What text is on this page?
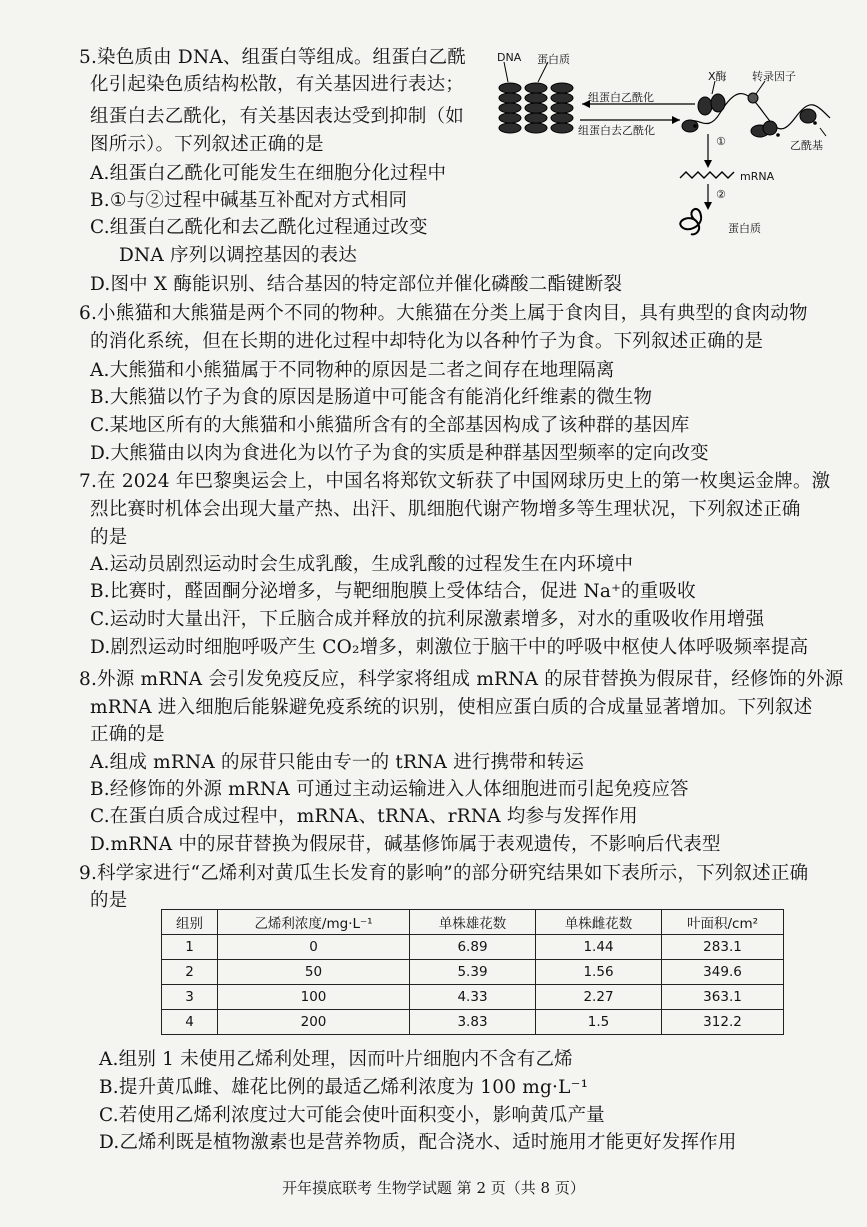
5.染色质由 DNA、组蛋白等组成。组蛋白乙酰
化引起染色质结构松散，有关基因进行表达；
组蛋白去乙酰化，有关基因表达受到抑制（如
图所示）。下列叙述正确的是
A.组蛋白乙酰化可能发生在细胞分化过程中
B.①与②过程中碱基互补配对方式相同
C.组蛋白乙酰化和去乙酰化过程通过改变
DNA 序列以调控基因的表达
D.图中 X 酶能识别、结合基因的特定部位并催化磷酸二酯键断裂
DNA 蛋白质
X酶 转录因子
组蛋白乙酰化
组蛋白去乙酰化
乙酰基
①
mRNA
②
蛋白质
6.小熊猫和大熊猫是两个不同的物种。大熊猫在分类上属于食肉目，具有典型的食肉动物
的消化系统，但在长期的进化过程中却特化为以各种竹子为食。下列叙述正确的是
A.大熊猫和小熊猫属于不同物种的原因是二者之间存在地理隔离
B.大熊猫以竹子为食的原因是肠道中可能含有能消化纤维素的微生物
C.某地区所有的大熊猫和小熊猫所含有的全部基因构成了该种群的基因库
D.大熊猫由以肉为食进化为以竹子为食的实质是种群基因型频率的定向改变
7.在 2024 年巴黎奥运会上，中国名将郑钦文斩获了中国网球历史上的第一枚奥运金牌。激
烈比赛时机体会出现大量产热、出汗、肌细胞代谢产物增多等生理状况，下列叙述正确
的是
A.运动员剧烈运动时会生成乳酸，生成乳酸的过程发生在内环境中
B.比赛时，醛固酮分泌增多，与靶细胞膜上受体结合，促进 Na⁺的重吸收
C.运动时大量出汗，下丘脑合成并释放的抗利尿激素增多，对水的重吸收作用增强
D.剧烈运动时细胞呼吸产生 CO₂增多，刺激位于脑干中的呼吸中枢使人体呼吸频率提高
8.外源 mRNA 会引发免疫反应，科学家将组成 mRNA 的尿苷替换为假尿苷，经修饰的外源
mRNA 进入细胞后能躲避免疫系统的识别，使相应蛋白质的合成量显著增加。下列叙述
正确的是
A.组成 mRNA 的尿苷只能由专一的 tRNA 进行携带和转运
B.经修饰的外源 mRNA 可通过主动运输进入人体细胞进而引起免疫应答
C.在蛋白质合成过程中，mRNA、tRNA、rRNA 均参与发挥作用
D.mRNA 中的尿苷替换为假尿苷，碱基修饰属于表观遗传，不影响后代表型
9.科学家进行“乙烯利对黄瓜生长发育的影响”的部分研究结果如下表所示，下列叙述正确
的是
组别	乙烯利浓度/mg·L⁻¹	单株雄花数	单株雌花数	叶面积/cm²
1	0	6.89	1.44	283.1
2	50	5.39	1.56	349.6
3	100	4.33	2.27	363.1
4	200	3.83	1.5	312.2
A.组别 1 未使用乙烯利处理，因而叶片细胞内不含有乙烯
B.提升黄瓜雌、雄花比例的最适乙烯利浓度为 100 mg·L⁻¹
C.若使用乙烯利浓度过大可能会使叶面积变小，影响黄瓜产量
D.乙烯利既是植物激素也是营养物质，配合浇水、适时施用才能更好发挥作用
开年摸底联考 生物学试题 第 2 页（共 8 页）
